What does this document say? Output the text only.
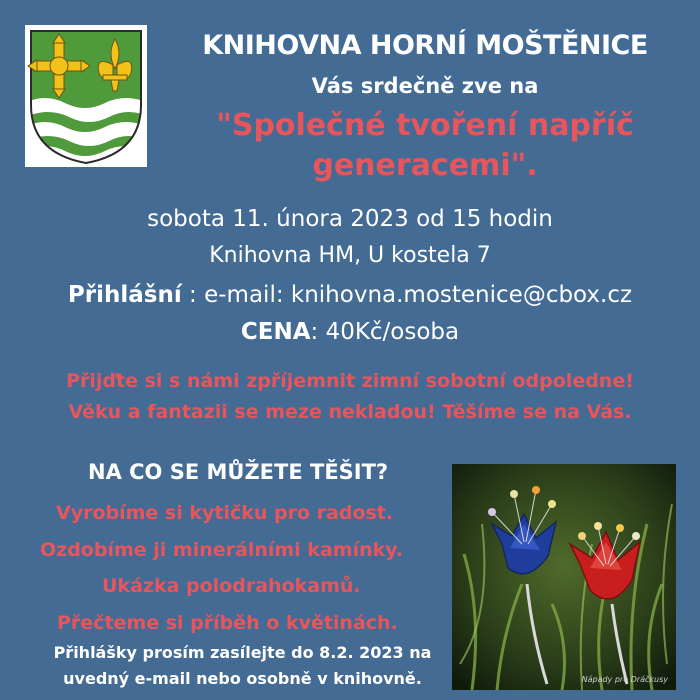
KNIHOVNA HORNÍ MOŠTĚNICE
Vás srdečně zve na
"Společné tvoření napříč
generacemi".
sobota 11. února 2023 od 15 hodin
Knihovna HM, U kostela 7
Přihlášní : e-mail: knihovna.mostenice@cbox.cz
CENA: 40Kč/osoba
Přijďte si s námi zpříjemnit zimní sobotní odpoledne!
Věku a fantazii se meze nekladou! Těšíme se na Vás.
NA CO SE MŮŽETE TĚŠIT?
Vyrobíme si kytičku pro radost.
Ozdobíme ji minerálními kamínky.
Ukázka polodrahokamů.
Přečteme si příběh o květinách.
Přihlášky prosím zasílejte do 8.2. 2023 na
uvedný e-mail nebo osobně v knihovně.	Nápady pro Dráčkusy
